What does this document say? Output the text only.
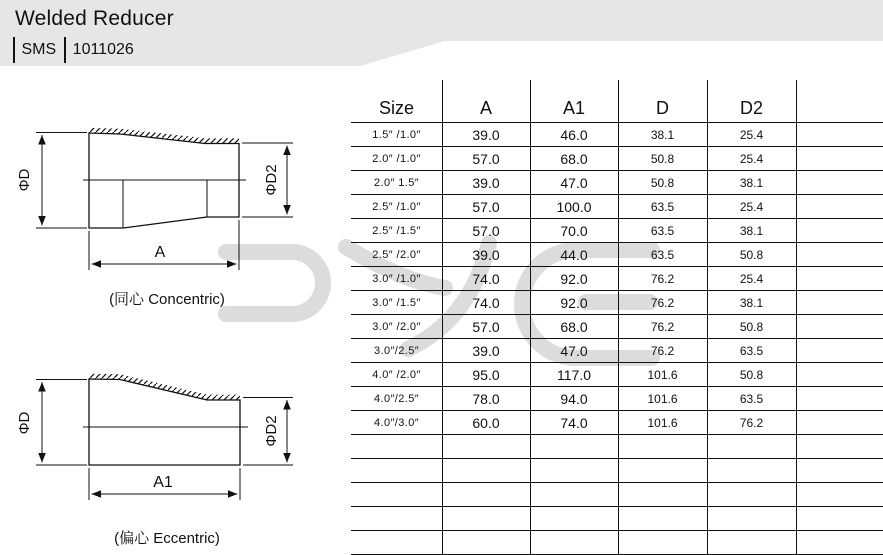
Welded Reducer
SMS	1011026
ΦD	ΦD2
A
(同心 Concentric)
ΦD	ΦD2
A1
(偏心 Eccentric)
Size	A	A1	D	D2
1.5″ /1.0″	39.0	46.0	38.1	25.4
2.0″ /1.0″	57.0	68.0	50.8	25.4
2.0″ 1.5″	39.0	47.0	50.8	38.1
2.5″ /1.0″	57.0	100.0	63.5	25.4
2.5″ /1.5″	57.0	70.0	63.5	38.1
2.5″ /2.0″	39.0	44.0	63.5	50.8
3.0″ /1.0″	74.0	92.0	76.2	25.4
3.0″ /1.5″	74.0	92.0	76.2	38.1
3.0″ /2.0″	57.0	68.0	76.2	50.8
3.0″/2.5″	39.0	47.0	76.2	63.5
4.0″ /2.0″	95.0	117.0	101.6	50.8
4.0″/2.5″	78.0	94.0	101.6	63.5
4.0″/3.0″	60.0	74.0	101.6	76.2
